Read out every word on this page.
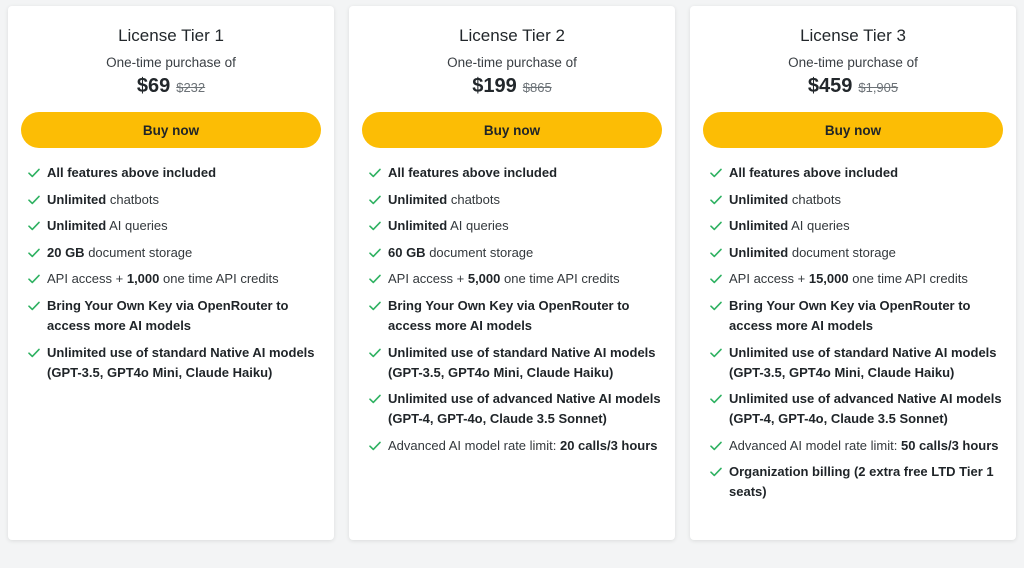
License Tier 1
One-time purchase of
$69 $232
Buy now
All features above included
Unlimited chatbots
Unlimited AI queries
20 GB document storage
API access + 1,000 one time API credits
Bring Your Own Key via OpenRouter to access more AI models
Unlimited use of standard Native AI models (GPT-3.5, GPT4o Mini, Claude Haiku)
License Tier 2
One-time purchase of
$199 $865
Buy now
All features above included
Unlimited chatbots
Unlimited AI queries
60 GB document storage
API access + 5,000 one time API credits
Bring Your Own Key via OpenRouter to access more AI models
Unlimited use of standard Native AI models (GPT-3.5, GPT4o Mini, Claude Haiku)
Unlimited use of advanced Native AI models (GPT-4, GPT-4o, Claude 3.5 Sonnet)
Advanced AI model rate limit: 20 calls/3 hours
License Tier 3
One-time purchase of
$459 $1,905
Buy now
All features above included
Unlimited chatbots
Unlimited AI queries
Unlimited document storage
API access + 15,000 one time API credits
Bring Your Own Key via OpenRouter to access more AI models
Unlimited use of standard Native AI models (GPT-3.5, GPT4o Mini, Claude Haiku)
Unlimited use of advanced Native AI models (GPT-4, GPT-4o, Claude 3.5 Sonnet)
Advanced AI model rate limit: 50 calls/3 hours
Organization billing (2 extra free LTD Tier 1 seats)
